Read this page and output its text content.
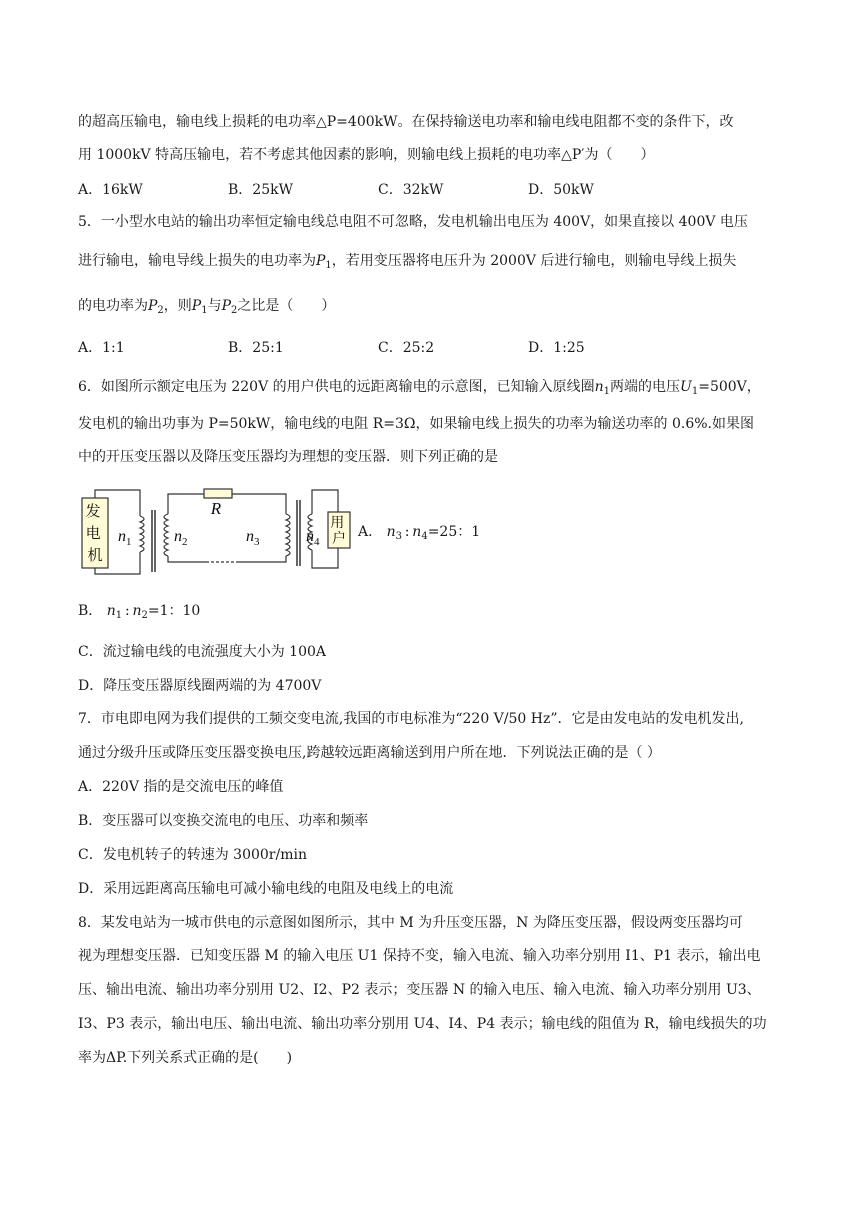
的超高压输电，输电线上损耗的电功率△P=400kW。在保持输送电功率和输电线电阻都不变的条件下，改
用 1000kV 特高压输电，若不考虑其他因素的影响，则输电线上损耗的电功率△P′为（　　）
A．16kW	B．25kW	C．32kW	D．50kW
5．一小型水电站的输出功率恒定输电线总电阻不可忽略，发电机输出电压为 400V，如果直接以 400V 电压
进行输电，输电导线上损失的电功率为$P_1$，若用变压器将电压升为 2000V 后进行输电，则输电导线上损失
的电功率为$P_2$，则$P_1$与$P_2$之比是（　　）
A．1:1	B．25:1	C．25:2	D．1:25
6．如图所示额定电压为 220V 的用户供电的远距离输电的示意图，已知输入原线圈$n_1$两端的电压$U_1=500V$，
发电机的输出功事为 P=50kW，输电线的电阻 R=3Ω，如果输电线上损失的功率为输送功率的 0.6%.如果图
中的开压变压器以及降压变压器均为理想的变压器．则下列正确的是
发 电 机
R
用 户
$n_1$	$n_2$	$n_3$	$n_4$
A． $n_3$ : $n_4=25$：1
B． $n_1$ : $n_2=1$：10
C．流过输电线的电流强度大小为 100A
D．降压变压器原线圈两端的为 4700V
7．市电即电网为我们提供的工频交变电流,我国的市电标准为“220 V/50 Hz”．它是由发电站的发电机发出,
通过分级升压或降压变压器变换电压,跨越较远距离输送到用户所在地．下列说法正确的是（ ）
A．220V 指的是交流电压的峰值
B．变压器可以变换交流电的电压、功率和频率
C．发电机转子的转速为 3000r/min
D．采用远距离高压输电可减小输电线的电阻及电线上的电流
8．某发电站为一城市供电的示意图如图所示，其中 M 为升压变压器，N 为降压变压器，假设两变压器均可
视为理想变压器．已知变压器 M 的输入电压 U1 保持不变，输入电流、输入功率分别用 I1、P1 表示，输出电
压、输出电流、输出功率分别用 U2、I2、P2 表示；变压器 N 的输入电压、输入电流、输入功率分别用 U3、
I3、P3 表示，输出电压、输出电流、输出功率分别用 U4、I4、P4 表示；输电线的阻值为 R，输电线损失的功
率为ΔP.下列关系式正确的是(　　)
